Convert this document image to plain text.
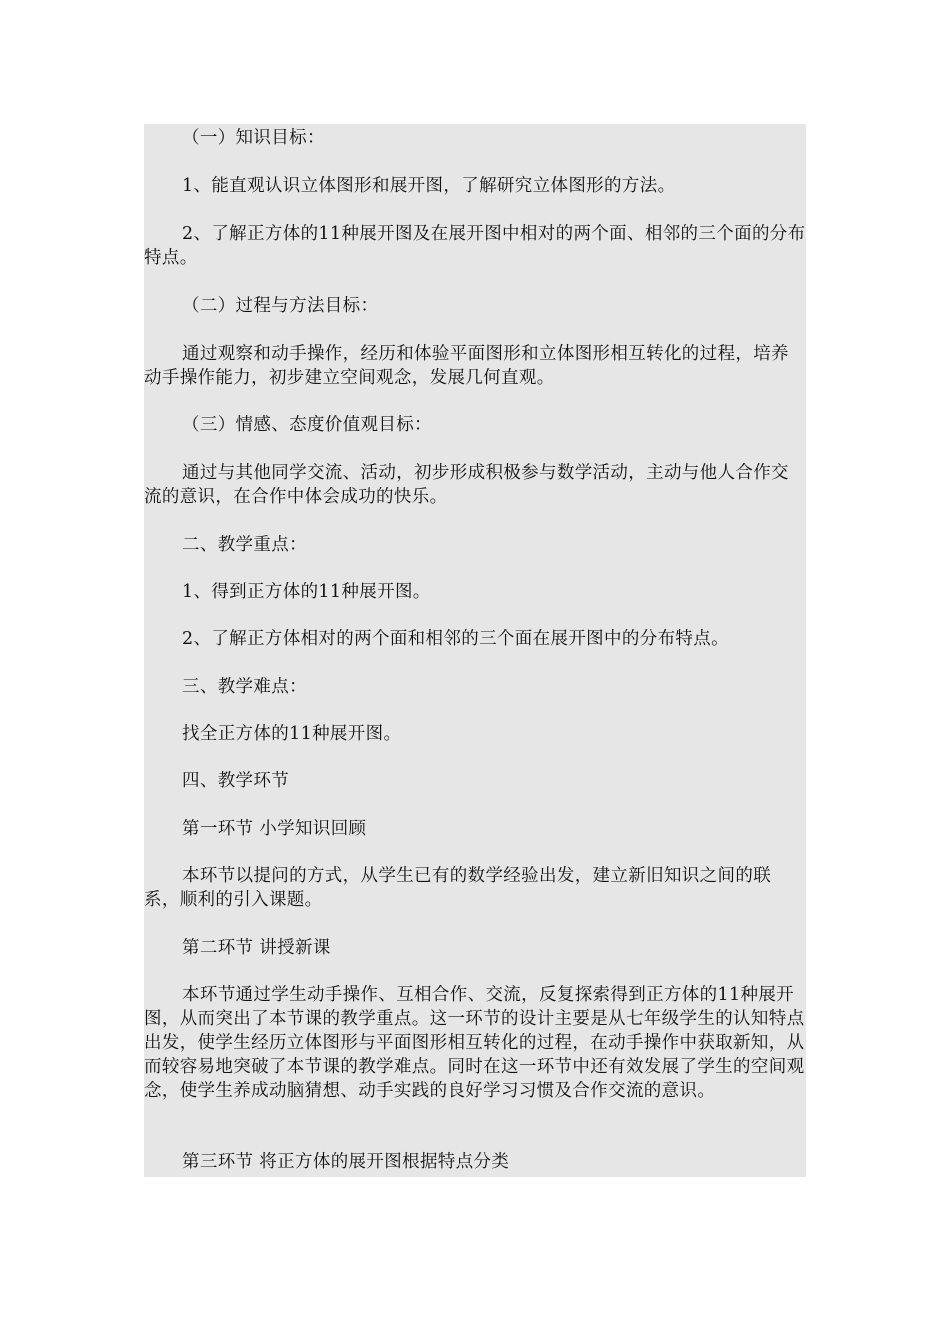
（一）知识目标：

1、能直观认识立体图形和展开图，了解研究立体图形的方法。

2、了解正方体的11种展开图及在展开图中相对的两个面、相邻的三个面的分布特点。

（二）过程与方法目标：

通过观察和动手操作，经历和体验平面图形和立体图形相互转化的过程，培养动手操作能力，初步建立空间观念，发展几何直观。

（三）情感、态度价值观目标：

通过与其他同学交流、活动，初步形成积极参与数学活动，主动与他人合作交流的意识，在合作中体会成功的快乐。

二、教学重点：

1、得到正方体的11种展开图。

2、了解正方体相对的两个面和相邻的三个面在展开图中的分布特点。

三、教学难点：

找全正方体的11种展开图。

四、教学环节

第一环节 小学知识回顾

本环节以提问的方式，从学生已有的数学经验出发，建立新旧知识之间的联系，顺利的引入课题。

第二环节 讲授新课

本环节通过学生动手操作、互相合作、交流，反复探索得到正方体的11种展开图，从而突出了本节课的教学重点。这一环节的设计主要是从七年级学生的认知特点出发，使学生经历立体图形与平面图形相互转化的过程，在动手操作中获取新知，从而较容易地突破了本节课的教学难点。同时在这一环节中还有效发展了学生的空间观念，使学生养成动脑猜想、动手实践的良好学习习惯及合作交流的意识。

第三环节 将正方体的展开图根据特点分类
